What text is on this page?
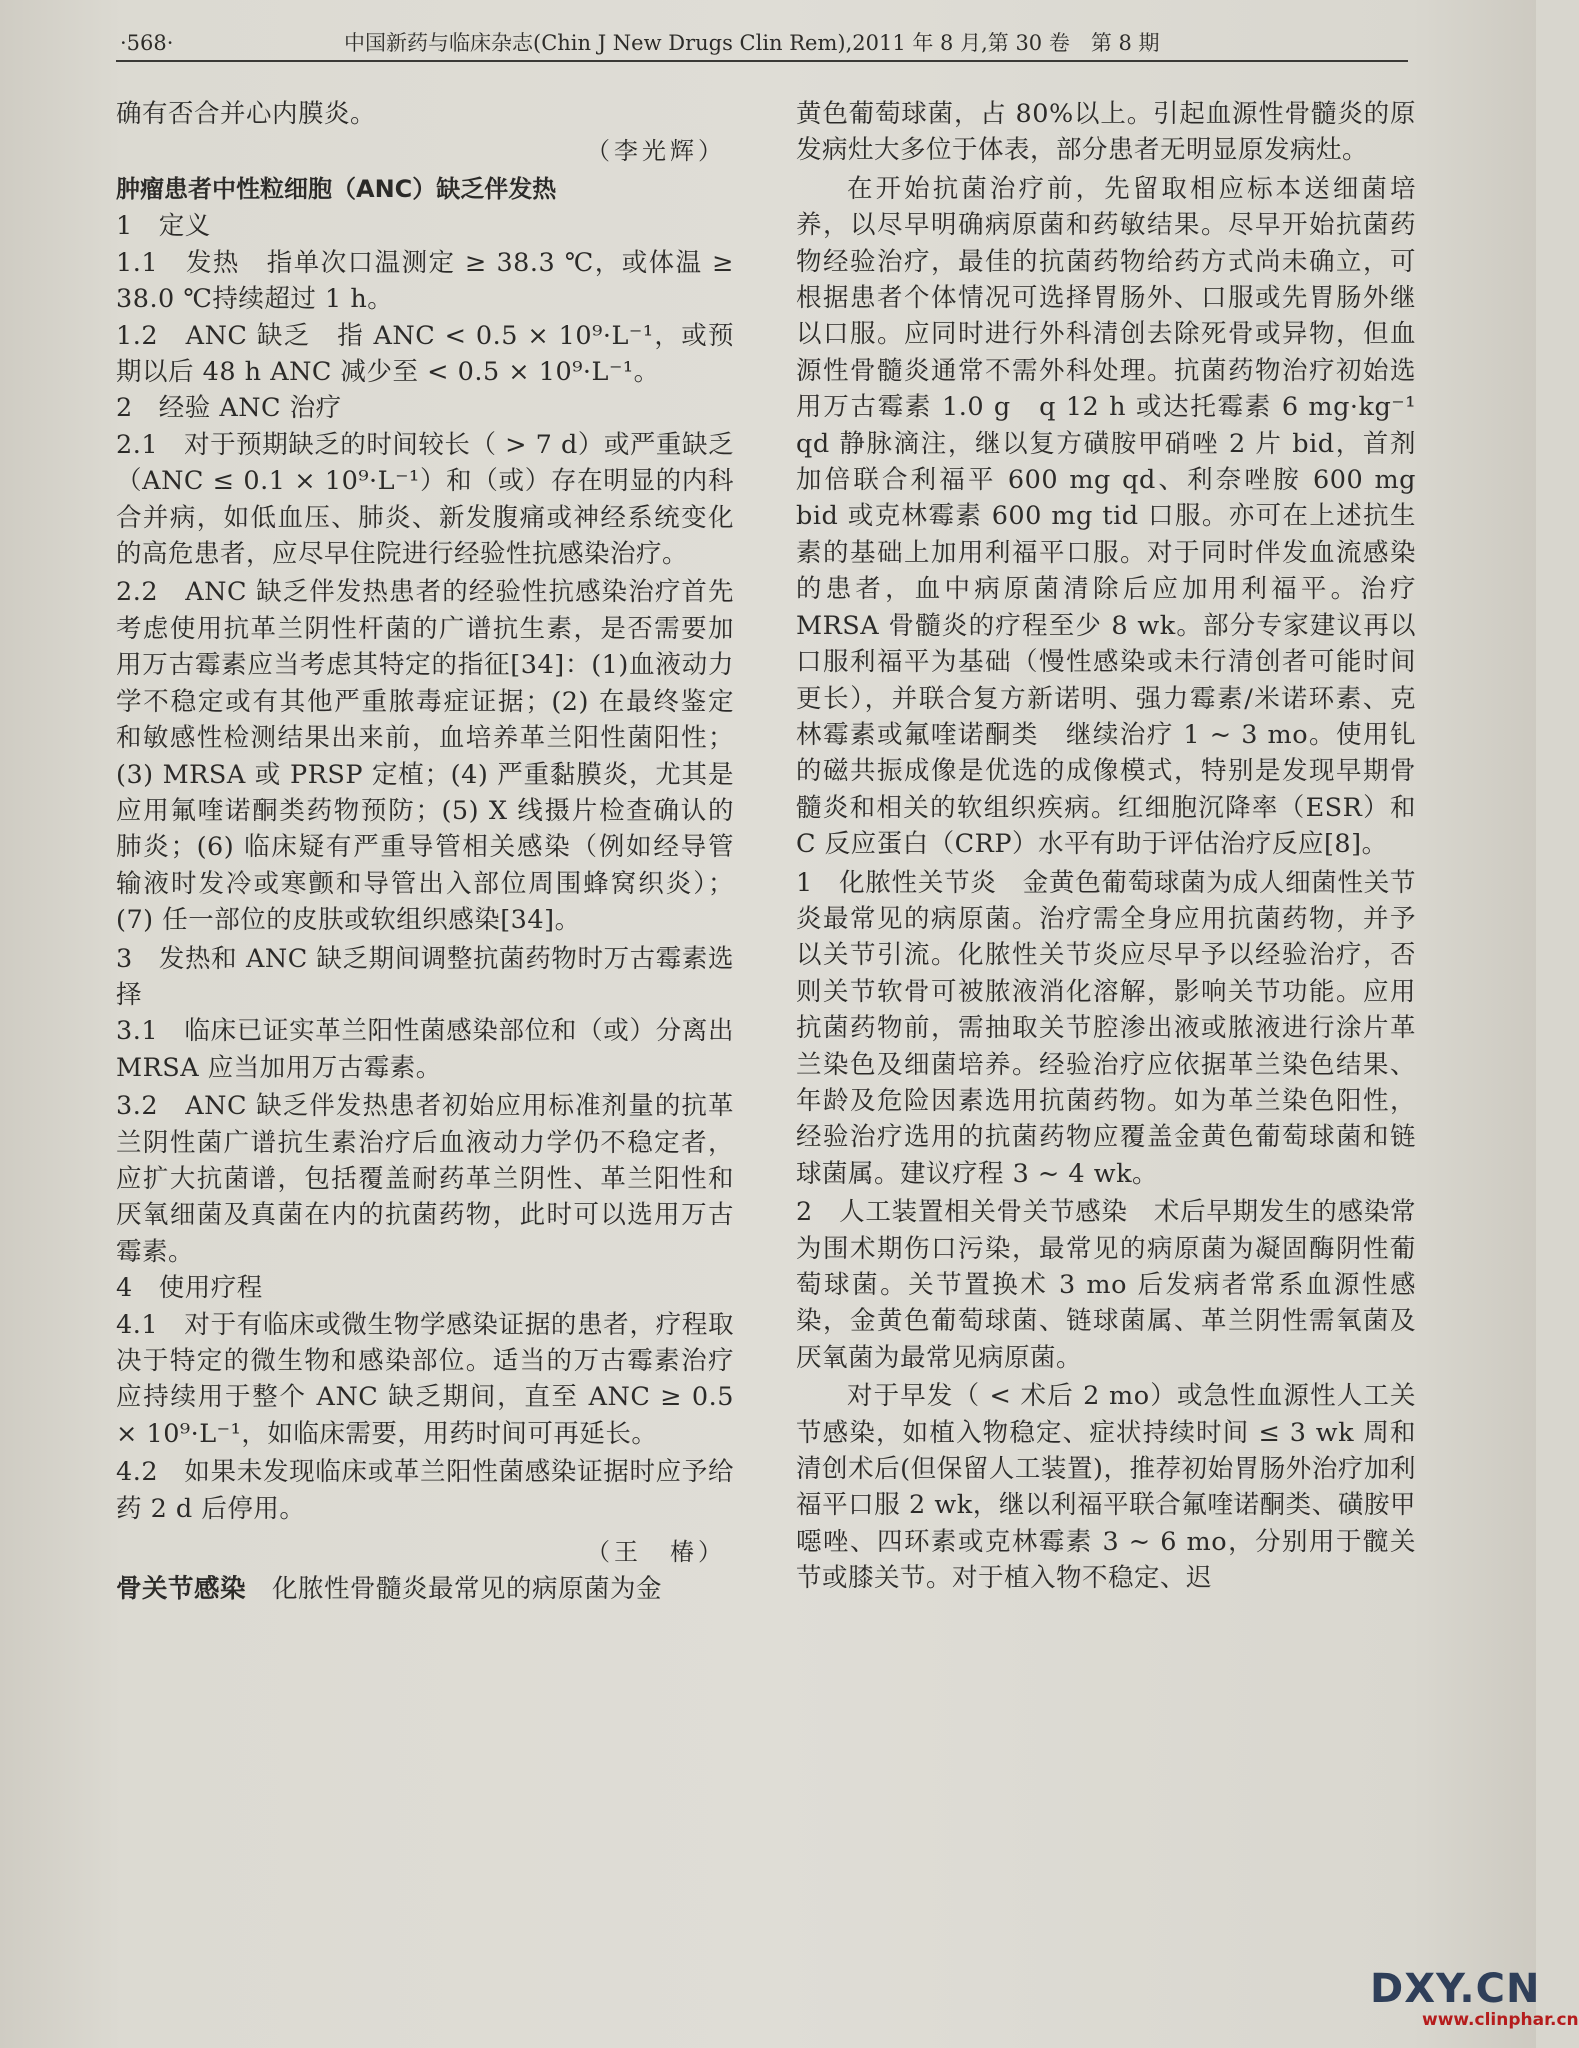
·568·	中国新药与临床杂志(Chin J New Drugs Clin Rem),2011 年 8 月,第 30 卷　第 8 期

确有否合并心内膜炎。

（李光辉）
肿瘤患者中性粒细胞（ANC）缺乏伴发热

1　定义

1.1　发热　指单次口温测定 ≥ 38.3 ℃，或体温 ≥ 38.0 ℃持续超过 1 h。

1.2　ANC 缺乏　指 ANC < 0.5 × 10⁹·L⁻¹，或预期以后 48 h ANC 减少至 < 0.5 × 10⁹·L⁻¹。

2　经验 ANC 治疗

2.1　对于预期缺乏的时间较长（ > 7 d）或严重缺乏（ANC ≤ 0.1 × 10⁹·L⁻¹）和（或）存在明显的内科合并病，如低血压、肺炎、新发腹痛或神经系统变化的高危患者，应尽早住院进行经验性抗感染治疗。

2.2　ANC 缺乏伴发热患者的经验性抗感染治疗首先考虑使用抗革兰阴性杆菌的广谱抗生素，是否需要加用万古霉素应当考虑其特定的指征[34]：(1)血液动力学不稳定或有其他严重脓毒症证据；(2) 在最终鉴定和敏感性检测结果出来前，血培养革兰阳性菌阳性；(3) MRSA 或 PRSP 定植；(4) 严重黏膜炎，尤其是应用氟喹诺酮类药物预防；(5) X 线摄片检查确认的肺炎；(6) 临床疑有严重导管相关感染（例如经导管输液时发冷或寒颤和导管出入部位周围蜂窝织炎）；(7) 任一部位的皮肤或软组织感染[34]。

3　发热和 ANC 缺乏期间调整抗菌药物时万古霉素选择

3.1　临床已证实革兰阳性菌感染部位和（或）分离出 MRSA 应当加用万古霉素。

3.2　ANC 缺乏伴发热患者初始应用标准剂量的抗革兰阴性菌广谱抗生素治疗后血液动力学仍不稳定者，应扩大抗菌谱，包括覆盖耐药革兰阴性、革兰阳性和厌氧细菌及真菌在内的抗菌药物，此时可以选用万古霉素。

4　使用疗程

4.1　对于有临床或微生物学感染证据的患者，疗程取决于特定的微生物和感染部位。适当的万古霉素治疗应持续用于整个 ANC 缺乏期间，直至 ANC ≥ 0.5 × 10⁹·L⁻¹，如临床需要，用药时间可再延长。

4.2　如果未发现临床或革兰阳性菌感染证据时应予给药 2 d 后停用。

（王　椿）

骨关节感染　化脓性骨髓炎最常见的病原菌为金

黄色葡萄球菌，占 80%以上。引起血源性骨髓炎的原发病灶大多位于体表，部分患者无明显原发病灶。

在开始抗菌治疗前，先留取相应标本送细菌培养，以尽早明确病原菌和药敏结果。尽早开始抗菌药物经验治疗，最佳的抗菌药物给药方式尚未确立，可根据患者个体情况可选择胃肠外、口服或先胃肠外继以口服。应同时进行外科清创去除死骨或异物，但血源性骨髓炎通常不需外科处理。抗菌药物治疗初始选用万古霉素 1.0 g　q 12 h 或达托霉素 6 mg·kg⁻¹ qd 静脉滴注，继以复方磺胺甲硝唑 2 片 bid，首剂加倍联合利福平 600 mg qd、利奈唑胺 600 mg bid 或克林霉素 600 mg tid 口服。亦可在上述抗生素的基础上加用利福平口服。对于同时伴发血流感染的患者，血中病原菌清除后应加用利福平。治疗 MRSA 骨髓炎的疗程至少 8 wk。部分专家建议再以口服利福平为基础（慢性感染或未行清创者可能时间更长），并联合复方新诺明、强力霉素/米诺环素、克林霉素或氟喹诺酮类　继续治疗 1 ~ 3 mo。使用钆的磁共振成像是优选的成像模式，特别是发现早期骨髓炎和相关的软组织疾病。红细胞沉降率（ESR）和 C 反应蛋白（CRP）水平有助于评估治疗反应[8]。

1　化脓性关节炎　金黄色葡萄球菌为成人细菌性关节炎最常见的病原菌。治疗需全身应用抗菌药物，并予以关节引流。化脓性关节炎应尽早予以经验治疗，否则关节软骨可被脓液消化溶解，影响关节功能。应用抗菌药物前，需抽取关节腔渗出液或脓液进行涂片革兰染色及细菌培养。经验治疗应依据革兰染色结果、年龄及危险因素选用抗菌药物。如为革兰染色阳性，经验治疗选用的抗菌药物应覆盖金黄色葡萄球菌和链球菌属。建议疗程 3 ~ 4 wk。

2　人工装置相关骨关节感染　术后早期发生的感染常为围术期伤口污染，最常见的病原菌为凝固酶阴性葡萄球菌。关节置换术 3 mo 后发病者常系血源性感染，金黄色葡萄球菌、链球菌属、革兰阴性需氧菌及厌氧菌为最常见病原菌。

对于早发（ < 术后 2 mo）或急性血源性人工关节感染，如植入物稳定、症状持续时间 ≤ 3 wk 周和清创术后(但保留人工装置)，推荐初始胃肠外治疗加利福平口服 2 wk，继以利福平联合氟喹诺酮类、磺胺甲噁唑、四环素或克林霉素 3 ~ 6 mo，分别用于髋关节或膝关节。对于植入物不稳定、迟

DXY.CN
www.clinphar.cn
